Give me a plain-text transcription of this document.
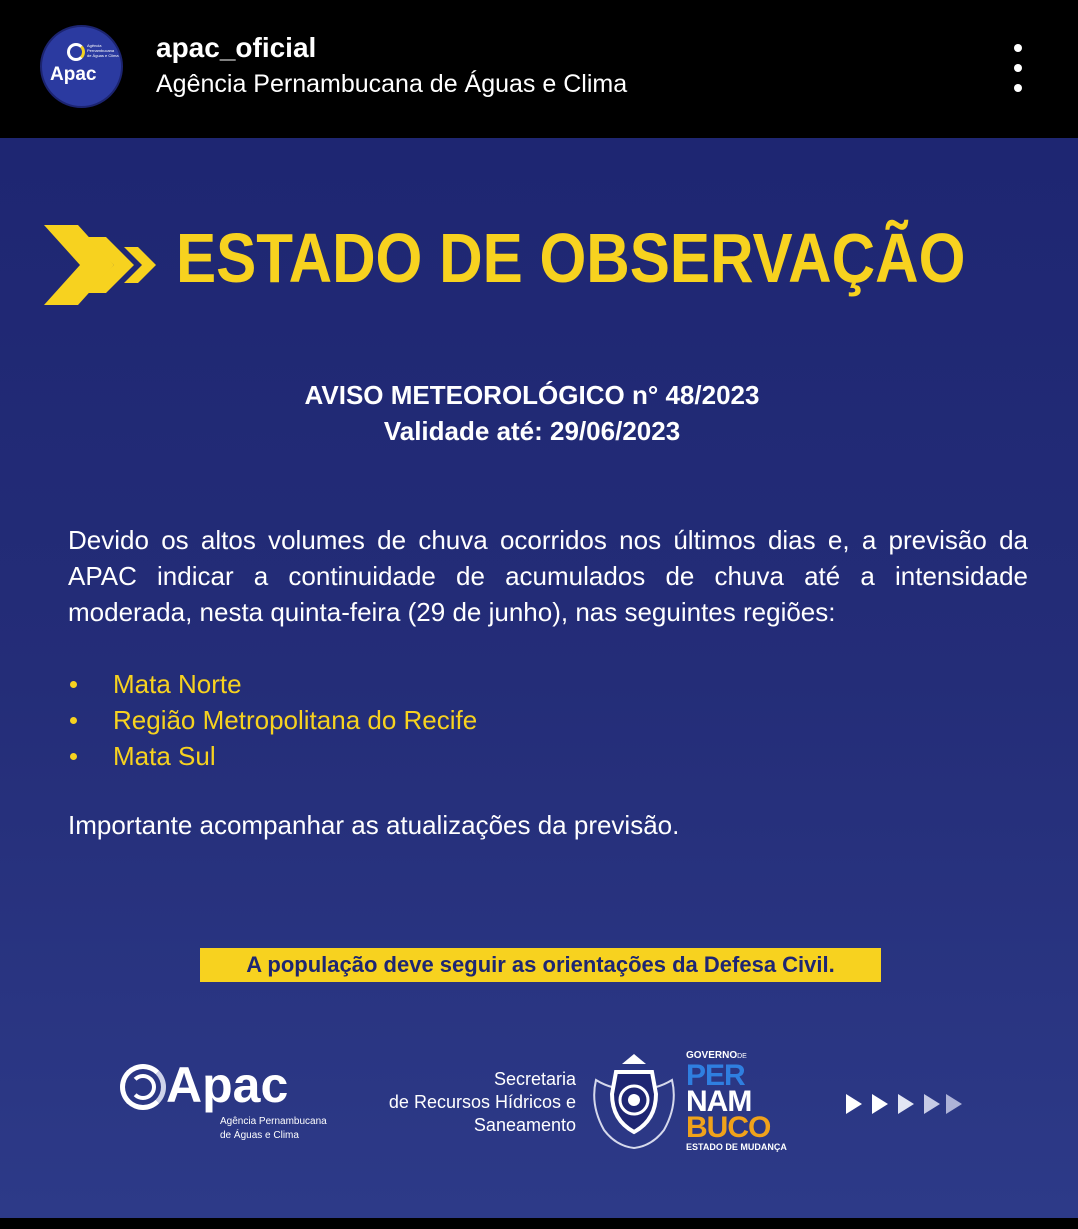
Agência Pernambucana de Águas e Clima
Apac
apac_oficial
Agência Pernambucana de Águas e Clima
ESTADO DE OBSERVAÇÃO
AVISO METEOROLÓGICO n° 48/2023
Validade até: 29/06/2023
Devido os altos volumes de chuva ocorridos nos últimos dias e, a previsão da APAC indicar a continuidade de acumulados de chuva até a intensidade moderada, nesta quinta-feira (29 de junho), nas seguintes regiões:
Mata Norte
Região Metropolitana do Recife
Mata Sul
Importante acompanhar as atualizações da previsão.
A população deve seguir as orientações da Defesa Civil.
Apac
Agência Pernambucana
de Águas e Clima
Secretaria
de Recursos Hídricos e
Saneamento
GOVERNODE
PER
NAM
BUCO
ESTADO DE MUDANÇA
